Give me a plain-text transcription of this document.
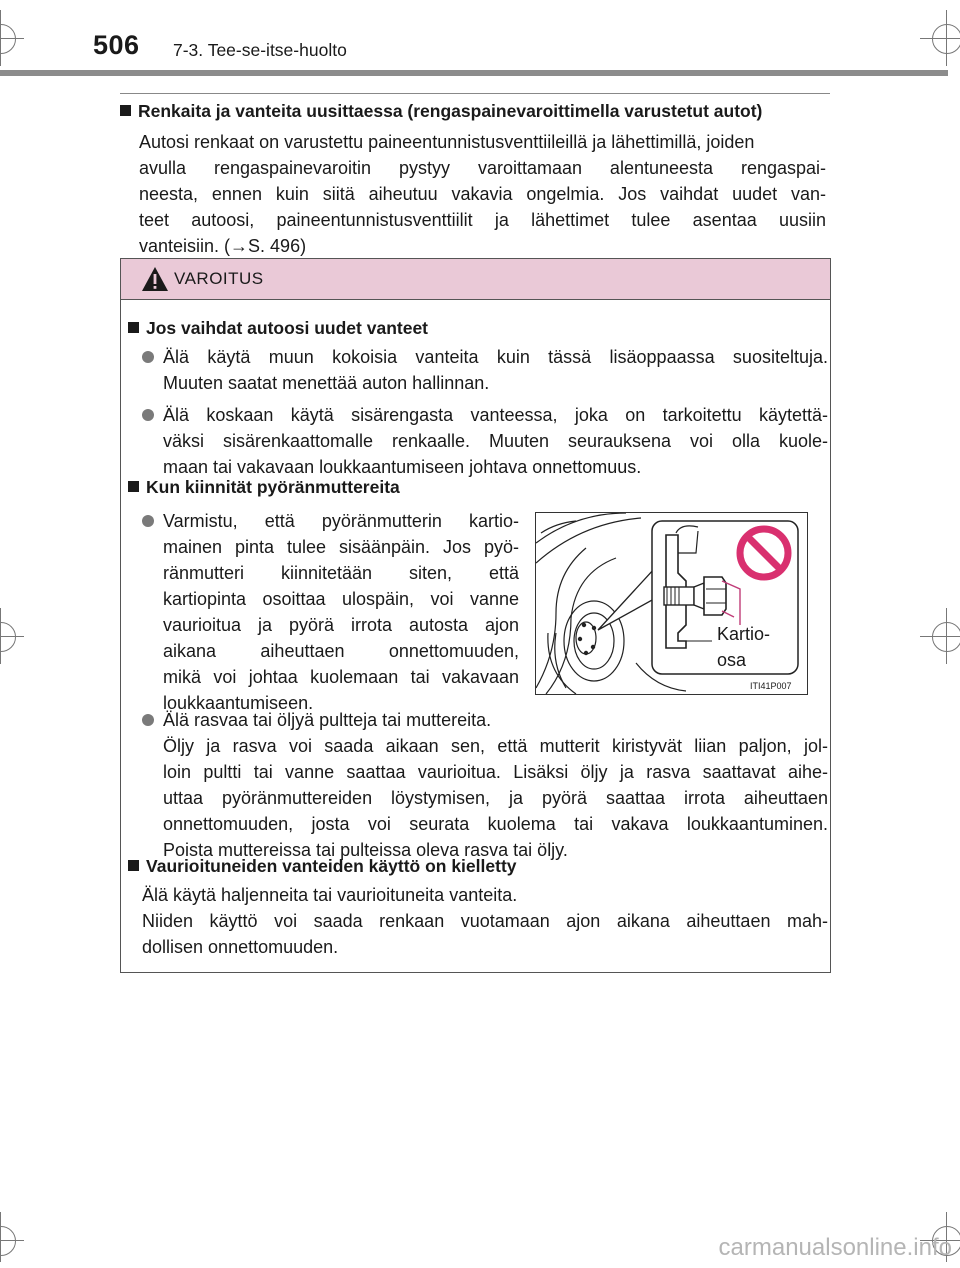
506 7-3. Tee-se-itse-huolto
Renkaita ja vanteita uusittaessa (rengaspainevaroittimella varustetut autot)
Autosi renkaat on varustettu paineentunnistusventtiileillä ja lähettimillä, joiden
avulla rengaspainevaroitin pystyy varoittamaan alentuneesta rengaspai-
neesta, ennen kuin siitä aiheutuu vakavia ongelmia. Jos vaihdat uudet van-
teet autoosi, paineentunnistusventtiilit ja lähettimet tulee asentaa uusiin
vanteisiin. (→S. 496)
VAROITUS
Jos vaihdat autoosi uudet vanteet
Älä käytä muun kokoisia vanteita kuin tässä lisäoppaassa suositeltuja.
Muuten saatat menettää auton hallinnan.
Älä koskaan käytä sisärengasta vanteessa, joka on tarkoitettu käytettä-
väksi sisärenkaattomalle renkaalle. Muuten seurauksena voi olla kuole-
maan tai vakavaan loukkaantumiseen johtava onnettomuus.
Kun kiinnität pyöränmuttereita
Varmistu, että pyöränmutterin kartio-
mainen pinta tulee sisäänpäin. Jos pyö-
ränmutteri kiinnitetään siten, että
kartiopinta osoittaa ulospäin, voi vanne
vaurioitua ja pyörä irrota autosta ajon
aikana aiheuttaen onnettomuuden,
mikä voi johtaa kuolemaan tai vakavaan
loukkaantumiseen.
Älä rasvaa tai öljyä pultteja tai muttereita.
Öljy ja rasva voi saada aikaan sen, että mutterit kiristyvät liian paljon, jol-
loin pultti tai vanne saattaa vaurioitua. Lisäksi öljy ja rasva saattavat aihe-
uttaa pyöränmuttereiden löystymisen, ja pyörä saattaa irrota aiheuttaen
onnettomuuden, josta voi seurata kuolema tai vakava loukkaantuminen.
Poista muttereissa tai pulteissa oleva rasva tai öljy.
Vaurioituneiden vanteiden käyttö on kielletty
Älä käytä haljenneita tai vaurioituneita vanteita.
Niiden käyttö voi saada renkaan vuotamaan ajon aikana aiheuttaen mah-
dollisen onnettomuuden.
Kartio-
osa
ITI41P007
carmanualsonline.info
